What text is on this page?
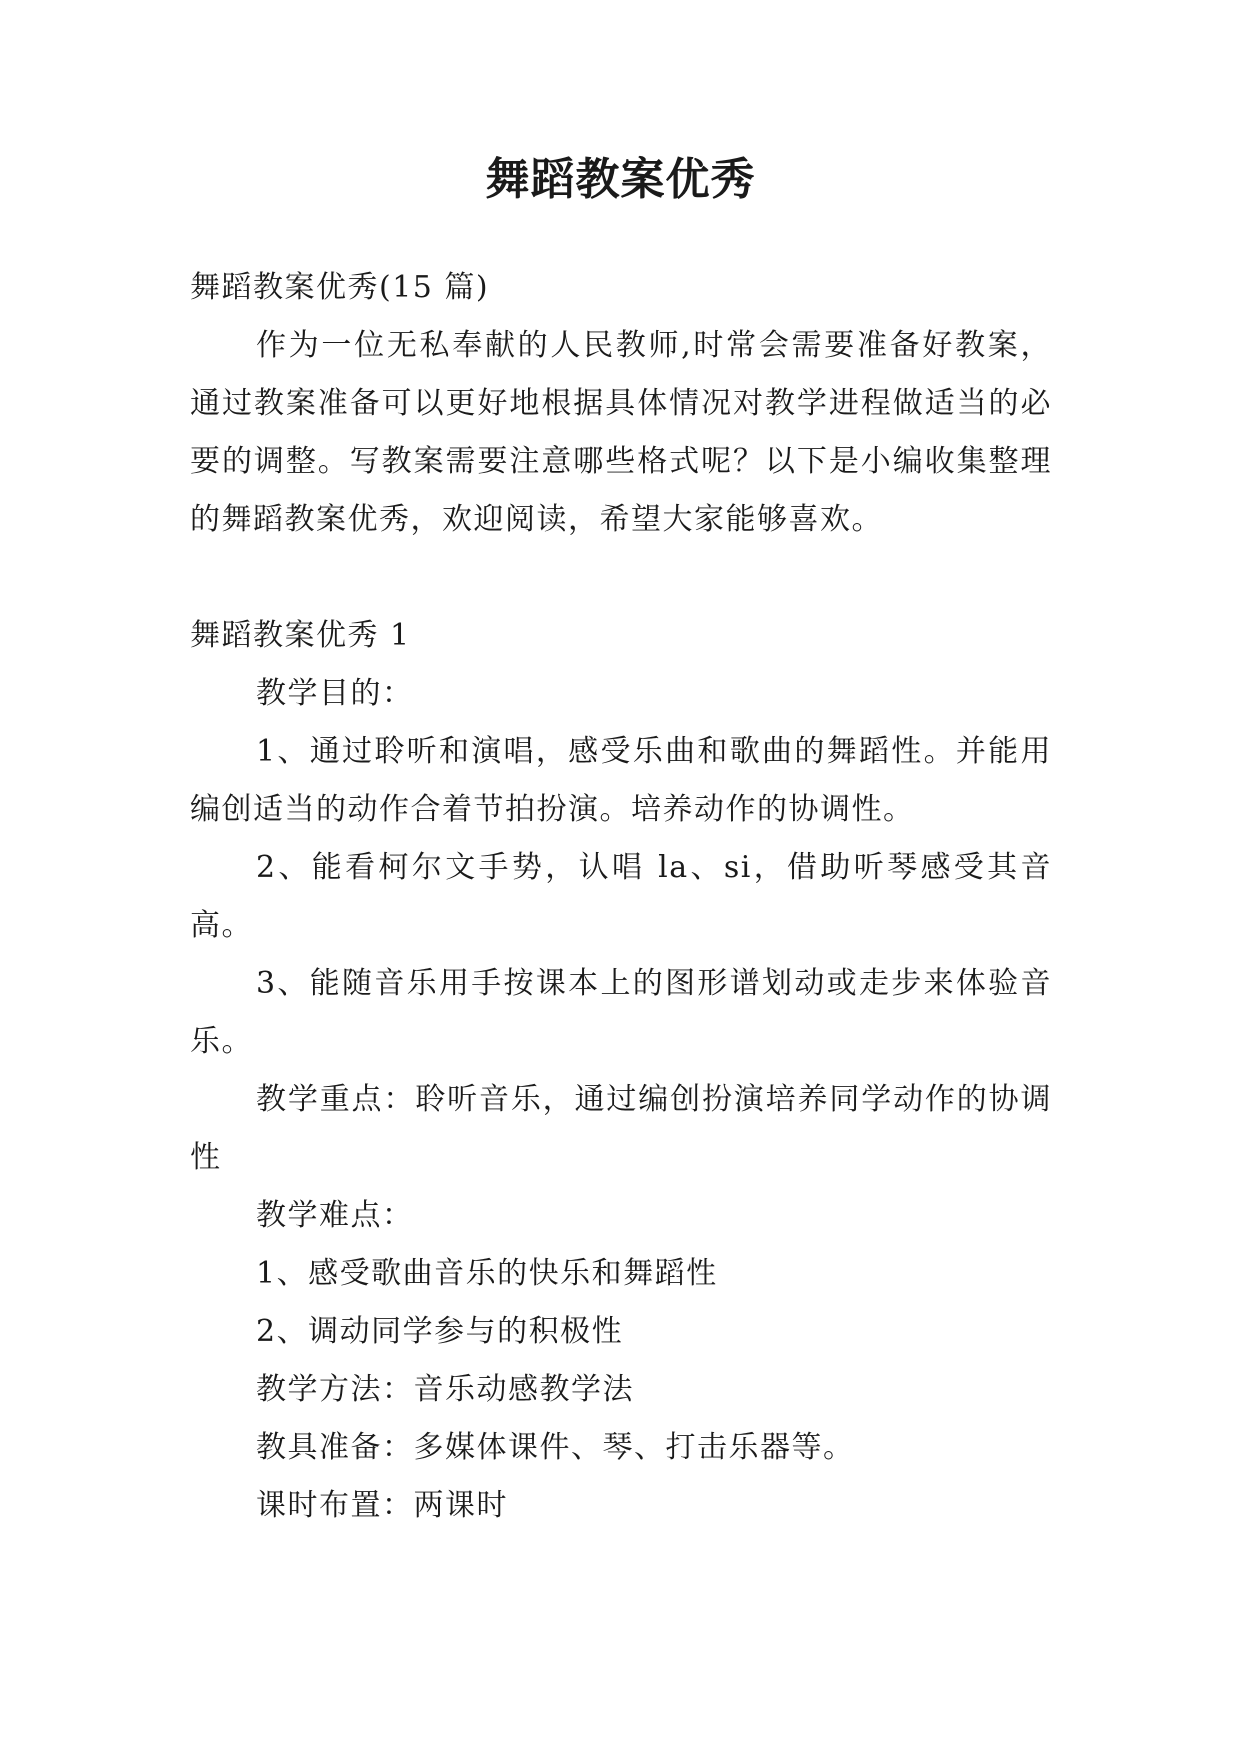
舞蹈教案优秀

舞蹈教案优秀(15 篇)

作为一位无私奉献的人民教师,时常会需要准备好教案，通过教案准备可以更好地根据具体情况对教学进程做适当的必要的调整。写教案需要注意哪些格式呢？以下是小编收集整理的舞蹈教案优秀，欢迎阅读，希望大家能够喜欢。

舞蹈教案优秀 1

教学目的：

1、通过聆听和演唱，感受乐曲和歌曲的舞蹈性。并能用编创适当的动作合着节拍扮演。培养动作的协调性。

2、能看柯尔文手势，认唱 la、si，借助听琴感受其音高。

3、能随音乐用手按课本上的图形谱划动或走步来体验音乐。

教学重点：聆听音乐，通过编创扮演培养同学动作的协调性

教学难点：

1、感受歌曲音乐的快乐和舞蹈性

2、调动同学参与的积极性

教学方法：音乐动感教学法

教具准备：多媒体课件、琴、打击乐器等。

课时布置：两课时
